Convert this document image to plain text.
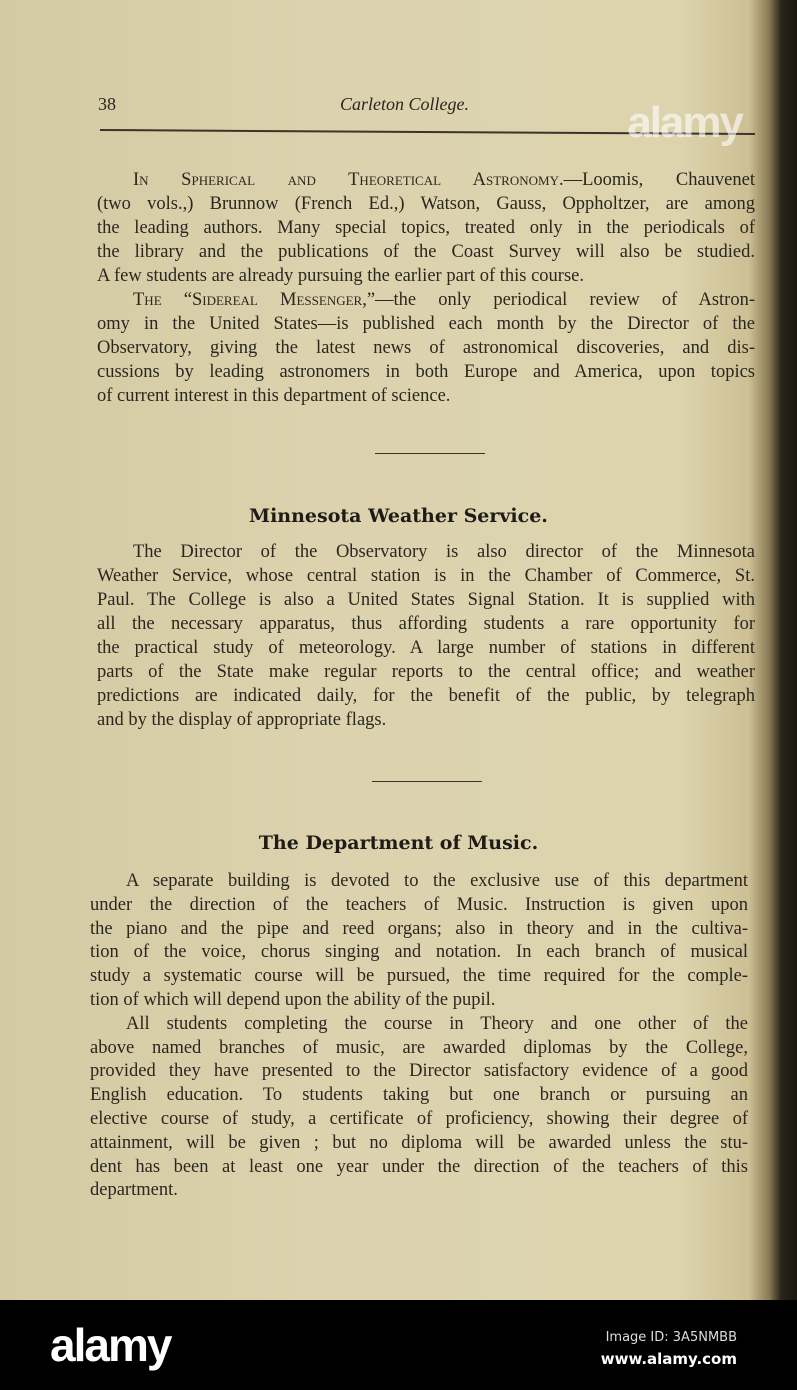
38	Carleton College.	alamy
In Spherical and Theoretical Astronomy.—Loomis, Chauvenet
(two vols.,) Brunnow (French Ed.,) Watson, Gauss, Oppholtzer, are among
the leading authors. Many special topics, treated only in the periodicals of
the library and the publications of the Coast Survey will also be studied.
A few students are already pursuing the earlier part of this course.
The “Sidereal Messenger,”—the only periodical review of Astron-
omy in the United States—is published each month by the Director of the
Observatory, giving the latest news of astronomical discoveries, and dis-
cussions by leading astronomers in both Europe and America, upon topics
of current interest in this department of science.
Minnesota Weather Service.
The Director of the Observatory is also director of the Minnesota
Weather Service, whose central station is in the Chamber of Commerce, St.
Paul. The College is also a United States Signal Station. It is supplied with
all the necessary apparatus, thus affording students a rare opportunity for
the practical study of meteorology. A large number of stations in different
parts of the State make regular reports to the central office; and weather
predictions are indicated daily, for the benefit of the public, by telegraph
and by the display of appropriate flags.
The Department of Music.
A separate building is devoted to the exclusive use of this department
under the direction of the teachers of Music. Instruction is given upon
the piano and the pipe and reed organs; also in theory and in the cultiva-
tion of the voice, chorus singing and notation. In each branch of musical
study a systematic course will be pursued, the time required for the comple-
tion of which will depend upon the ability of the pupil.
All students completing the course in Theory and one other of the
above named branches of music, are awarded diplomas by the College,
provided they have presented to the Director satisfactory evidence of a good
English education. To students taking but one branch or pursuing an
elective course of study, a certificate of proficiency, showing their degree of
attainment, will be given ; but no diploma will be awarded unless the stu-
dent has been at least one year under the direction of the teachers of this
department.
alamy	Image ID: 3A5NMBB
www.alamy.com
